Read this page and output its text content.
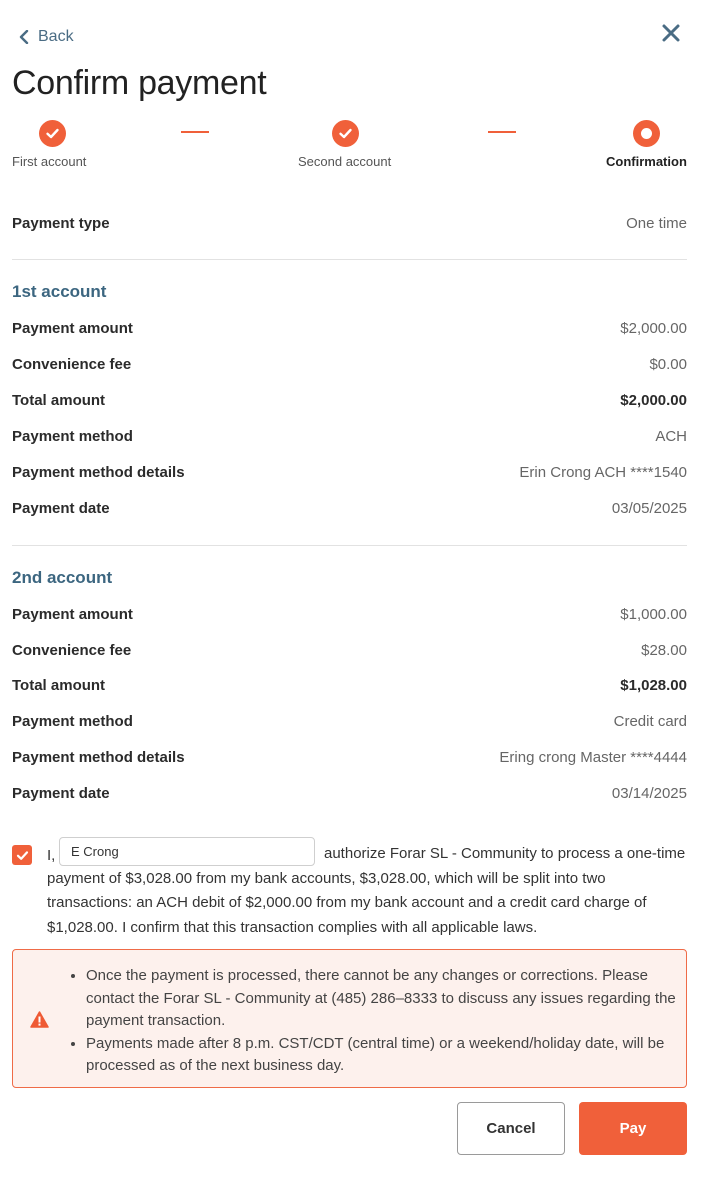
Back
Confirm payment
First account	Second account	Confirmation
Payment type	One time
1st account
Payment amount	$2,000.00
Convenience fee	$0.00
Total amount	$2,000.00
Payment method	ACH
Payment method details	Erin Crong ACH ****1540
Payment date	03/05/2025
2nd account
Payment amount	$1,000.00
Convenience fee	$28.00
Total amount	$1,028.00
Payment method	Credit card
Payment method details	Ering crong Master ****4444
Payment date	03/14/2025
I,
E Crong	authorize Forar SL - Community to process a one-time payment of $3,028.00 from my bank accounts, $3,028.00, which will be split into two transactions: an ACH debit of $2,000.00 from my bank account and a credit card charge of $1,028.00. I confirm that this transaction complies with all applicable laws.
• Once the payment is processed, there cannot be any changes or corrections. Please contact the Forar SL - Community at (485) 286–8333 to discuss any issues regarding the payment transaction.
• Payments made after 8 p.m. CST/CDT (central time) or a weekend/holiday date, will be processed as of the next business day.
Cancel	Pay
